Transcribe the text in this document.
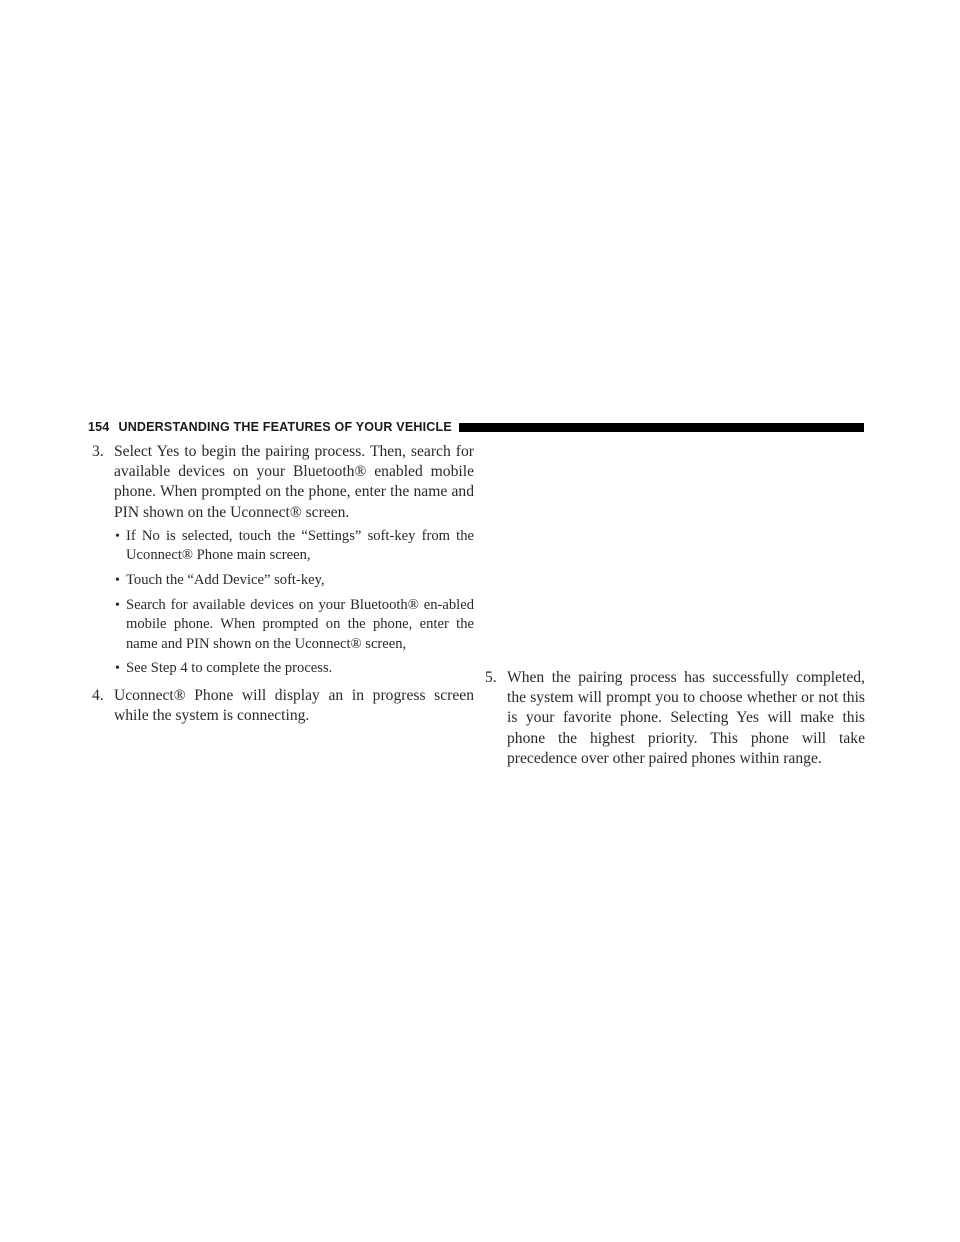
154 UNDERSTANDING THE FEATURES OF YOUR VEHICLE
3. Select Yes to begin the pairing process. Then, search for available devices on your Bluetooth® enabled mobile phone. When prompted on the phone, enter the name and PIN shown on the Uconnect® screen.
• If No is selected, touch the “Settings” soft-key from the Uconnect® Phone main screen,
• Touch the “Add Device” soft-key,
• Search for available devices on your Bluetooth® en-abled mobile phone. When prompted on the phone, enter the name and PIN shown on the Uconnect® screen,
• See Step 4 to complete the process.
4. Uconnect® Phone will display an in progress screen while the system is connecting.
5. When the pairing process has successfully completed, the system will prompt you to choose whether or not this is your favorite phone. Selecting Yes will make this phone the highest priority. This phone will take precedence over other paired phones within range.
